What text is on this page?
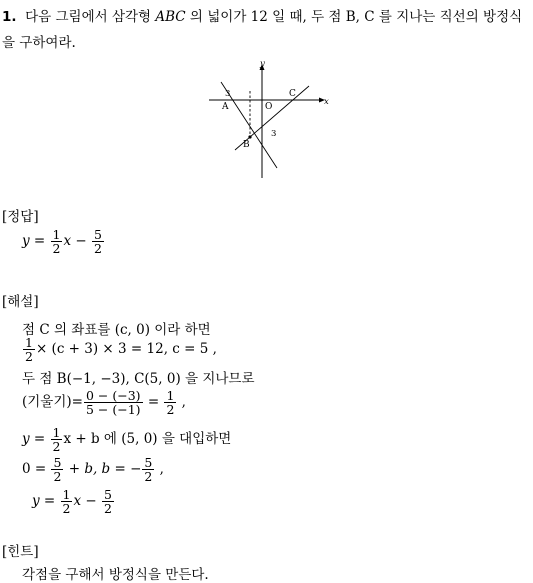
1. 다음 그림에서 삼각형 ABC 의 넓이가 12 일 때, 두 점 B, C 를 지나는 직선의 방정식을 구하여라.
x
y
O
A
B
C
3
3
[정답]
$y = \frac{1}{2}$ $x - \frac{5}{2}$
[해설]
점 C 의 좌표를 (c, 0) 이라 하면
$\frac{1}{2} \times (c + 3) \times 3 = 12$, c = 5 ,
두 점 B(−1, −3), C(5, 0) 을 지나므로
(기울기)= $\frac{0 - (-3)}{5 - (-1)} = \frac{1}{2}$ ,
$y = \frac{1}{2}$ x + b 에 (5, 0) 을 대입하면
$0 = \frac{5}{2} + b$, b = − $\frac{5}{2}$ ,
$y = \frac{1}{2}$ $x - \frac{5}{2}$
[힌트]
각점을 구해서 방정식을 만든다.
